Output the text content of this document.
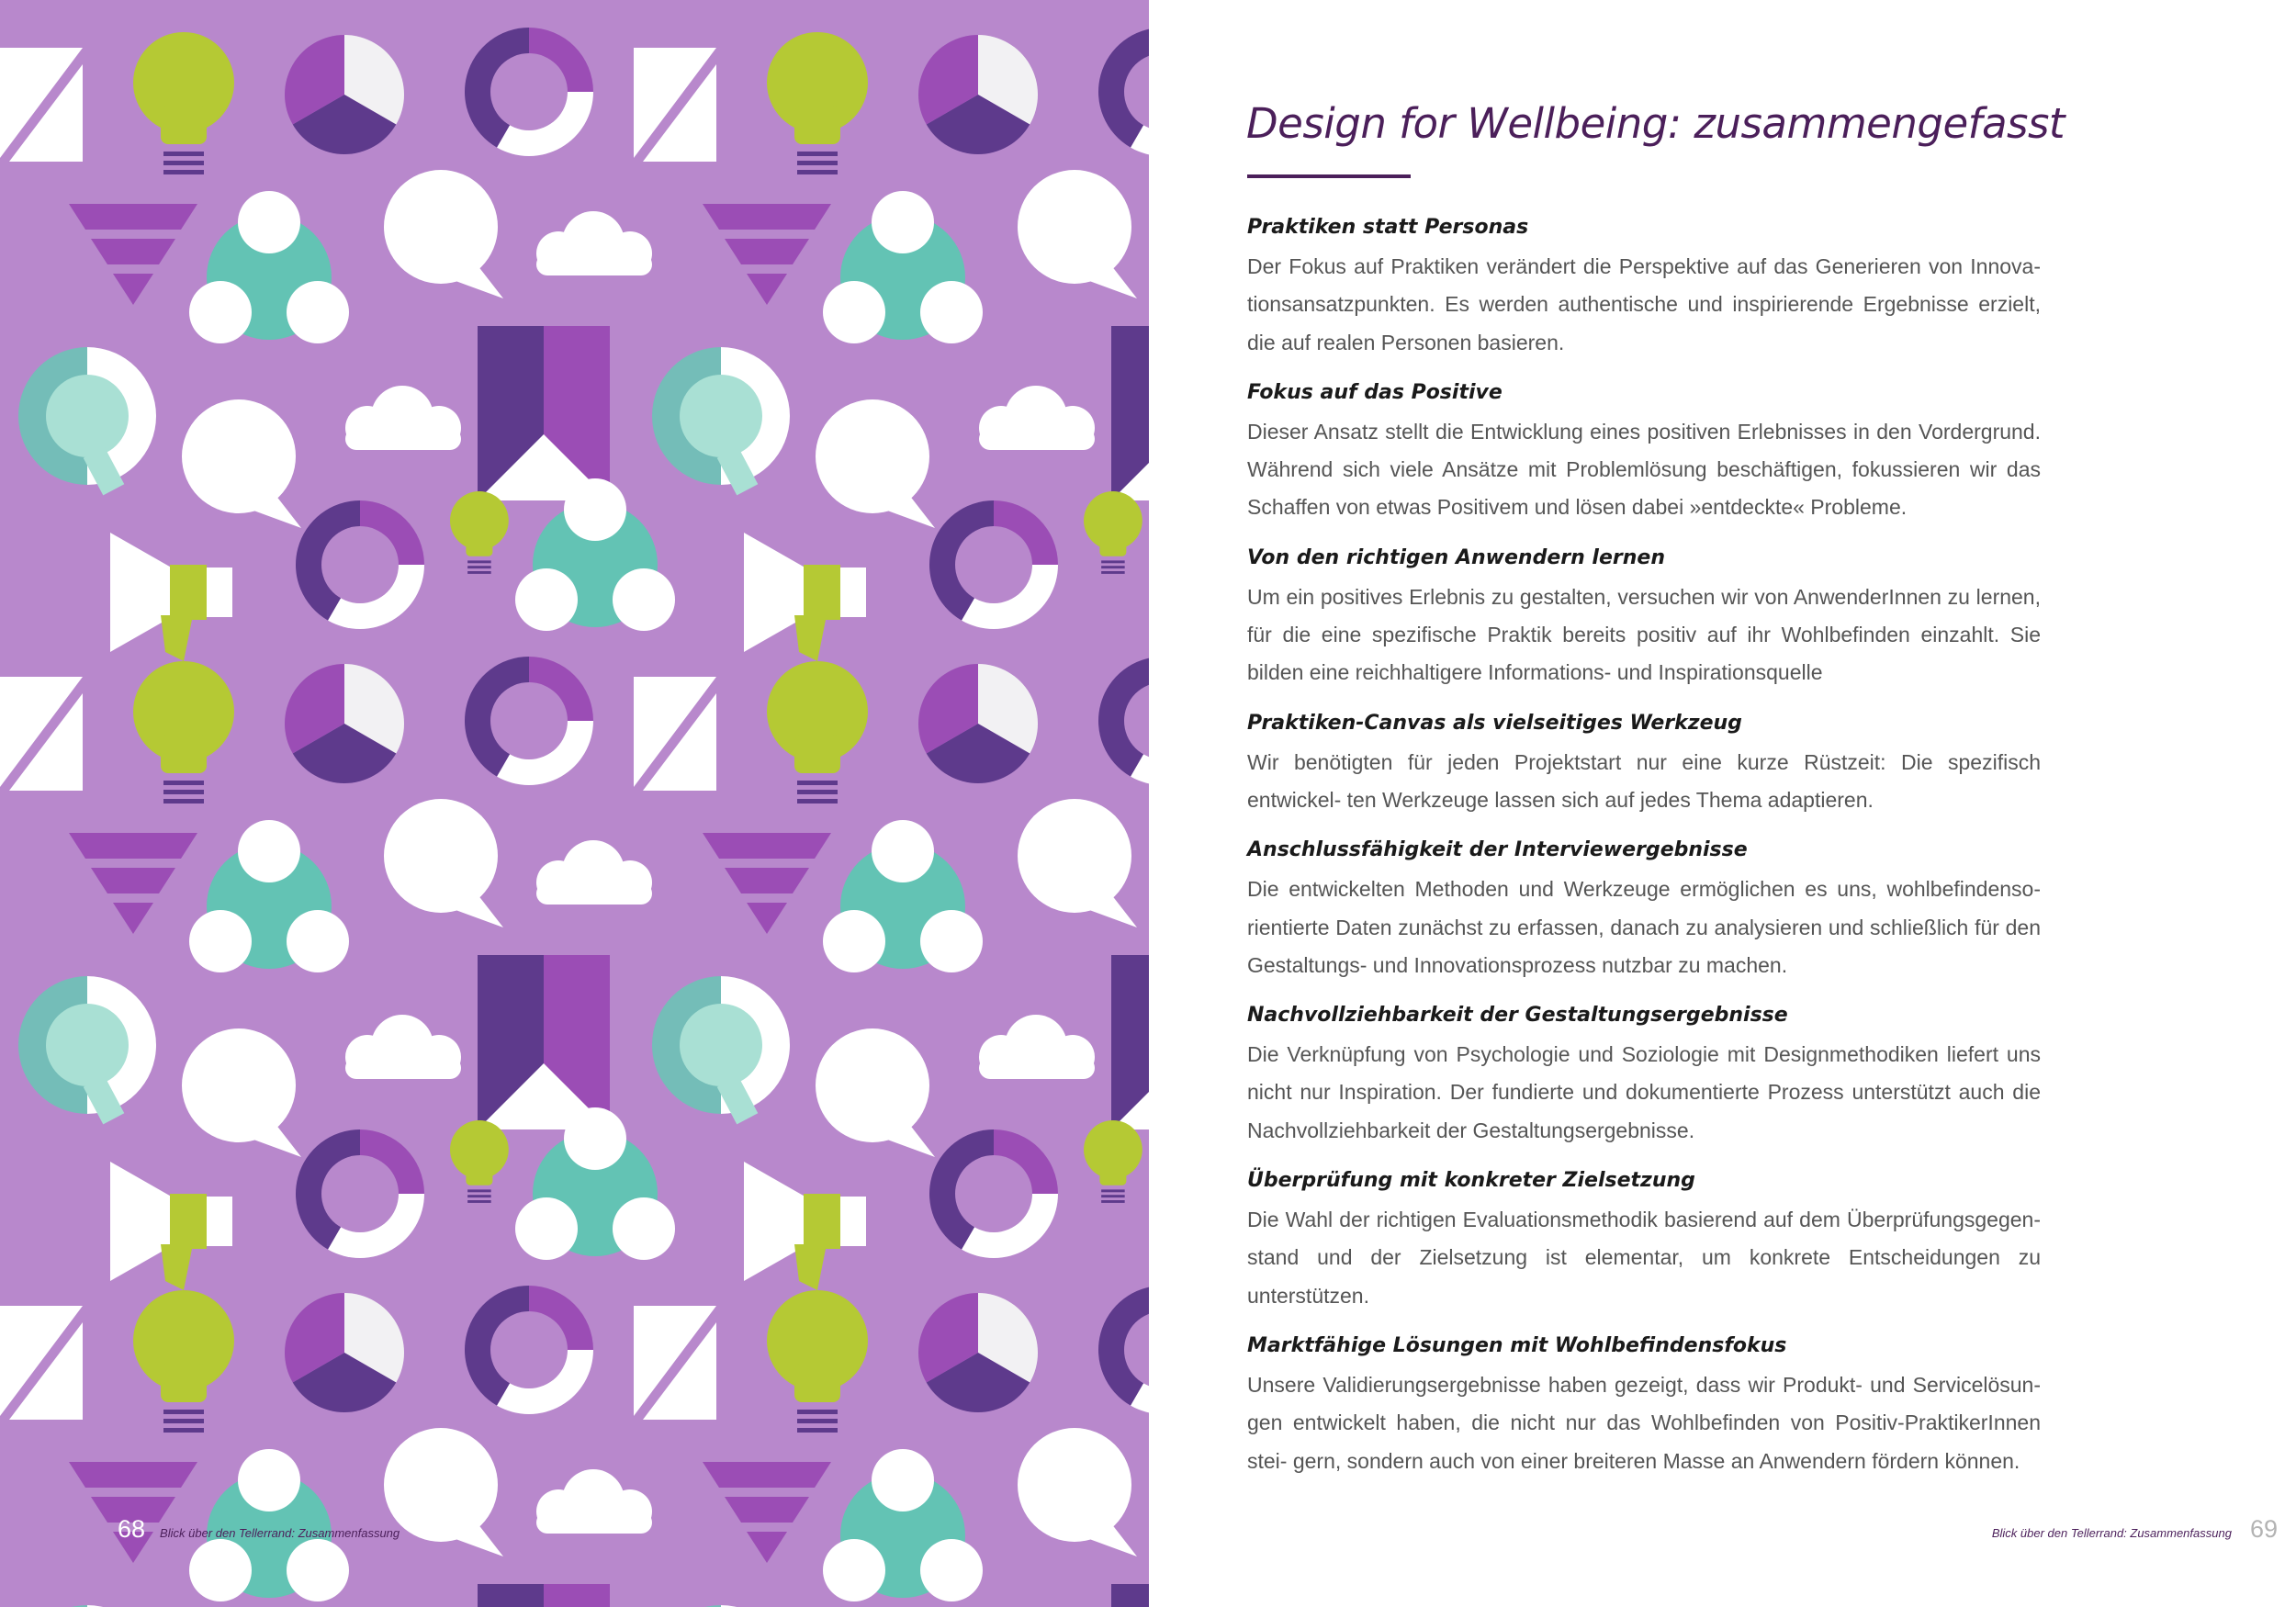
68 Blick über den Tellerrand: Zusammenfassung
Design for Wellbeing: zusammengefasst
Praktiken statt Personas

Der Fokus auf Praktiken verändert die Perspektive auf das Generieren von Innova- tionsansatzpunkten. Es werden authentische und inspirierende Ergebnisse erzielt, die auf realen Personen basieren.

Fokus auf das Positive

Dieser Ansatz stellt die Entwicklung eines positiven Erlebnisses in den Vordergrund. Während sich viele Ansätze mit Problemlösung beschäftigen, fokussieren wir das Schaffen von etwas Positivem und lösen dabei »entdeckte« Probleme.

Von den richtigen Anwendern lernen

Um ein positives Erlebnis zu gestalten, versuchen wir von AnwenderInnen zu lernen, für die eine spezifische Praktik bereits positiv auf ihr Wohlbefinden einzahlt. Sie bilden eine reichhaltigere Informations- und Inspirationsquelle

Praktiken-Canvas als vielseitiges Werkzeug

Wir benötigten für jeden Projektstart nur eine kurze Rüstzeit: Die spezifisch entwickel- ten Werkzeuge lassen sich auf jedes Thema adaptieren.

Anschlussfähigkeit der Interviewergebnisse

Die entwickelten Methoden und Werkzeuge ermöglichen es uns, wohlbefindenso- rientierte Daten zunächst zu erfassen, danach zu analysieren und schließlich für den Gestaltungs- und Innovationsprozess nutzbar zu machen.

Nachvollziehbarkeit der Gestaltungsergebnisse

Die Verknüpfung von Psychologie und Soziologie mit Designmethodiken liefert uns nicht nur Inspiration. Der fundierte und dokumentierte Prozess unterstützt auch die Nachvollziehbarkeit der Gestaltungsergebnisse.

Überprüfung mit konkreter Zielsetzung

Die Wahl der richtigen Evaluationsmethodik basierend auf dem Überprüfungsgegen- stand und der Zielsetzung ist elementar, um konkrete Entscheidungen zu unterstützen.

Marktfähige Lösungen mit Wohlbefindensfokus

Unsere Validierungsergebnisse haben gezeigt, dass wir Produkt- und Servicelösun- gen entwickelt haben, die nicht nur das Wohlbefinden von Positiv-PraktikerInnen stei- gern, sondern auch von einer breiteren Masse an Anwendern fördern können.

Blick über den Tellerrand: Zusammenfassung 69
